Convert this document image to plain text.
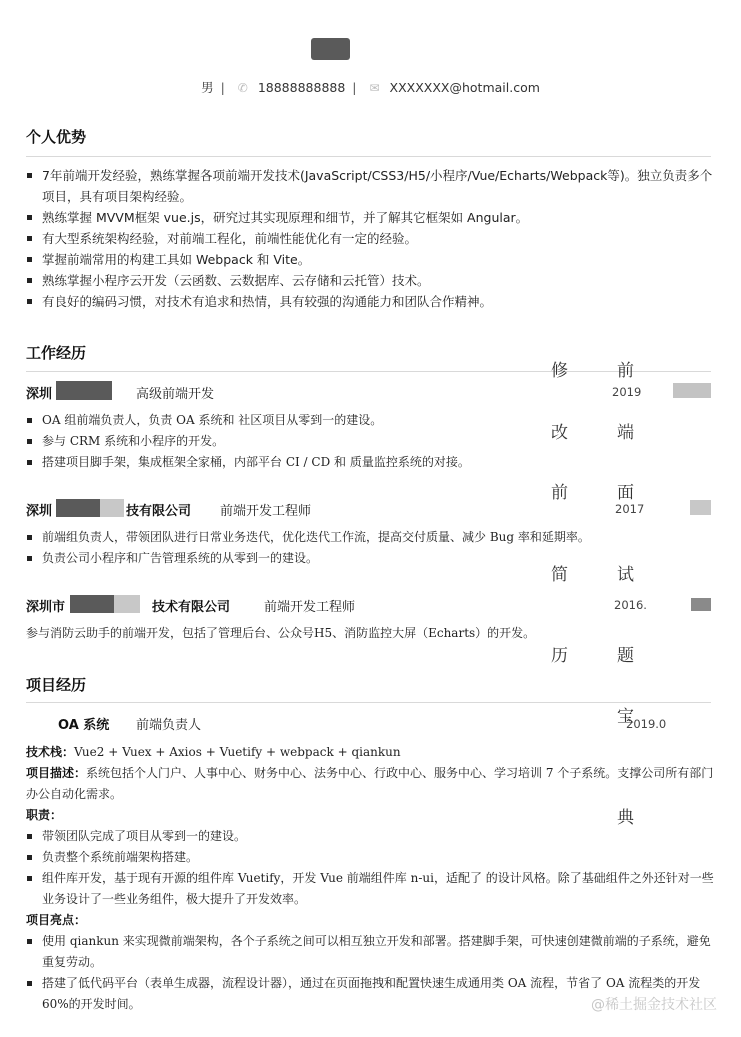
男 | ✆ 18888888888 | ✉ XXXXXXX@hotmail.com
个人优势
7年前端开发经验，熟练掌握各项前端开发技术(JavaScript/CSS3/H5/小程序/Vue/Echarts/Webpack等)。独立负责多个项目，具有项目架构经验。
熟练掌握 MVVM框架 vue.js，研究过其实现原理和细节，并了解其它框架如 Angular。
有大型系统架构经验，对前端工程化，前端性能优化有一定的经验。
掌握前端常用的构建工具如 Webpack 和 Vite。
熟练掌握小程序云开发（云函数、云数据库、云存储和云托管）技术。
有良好的编码习惯，对技术有追求和热情，具有较强的沟通能力和团队合作精神。
工作经历
深圳	高级前端开发	2019
OA 组前端负责人，负责 OA 系统和 社区项目从零到一的建设。
参与 CRM 系统和小程序的开发。
搭建项目脚手架，集成框架全家桶，内部平台 CI / CD 和 质量监控系统的对接。
深圳	技有限公司 前端开发工程师	2017
前端组负责人，带领团队进行日常业务迭代，优化迭代工作流，提高交付质量、减少 Bug 率和延期率。
负责公司小程序和广告管理系统的从零到一的建设。
深圳市	技术有限公司	前端开发工程师	2016.
参与消防云助手的前端开发，包括了管理后台、公众号H5、消防监控大屏（Echarts）的开发。
项目经历
OA 系统 前端负责人	2019.0
技术栈：Vue2 + Vuex + Axios + Vuetify + webpack + qiankun
项目描述：系统包括个人门户、人事中心、财务中心、法务中心、行政中心、服务中心、学习培训 7 个子系统。支撑公司所有部门办公自动化需求。
职责：
带领团队完成了项目从零到一的建设。
负责整个系统前端架构搭建。
组件库开发，基于现有开源的组件库 Vuetify，开发 Vue 前端组件库 n-ui，适配了 的设计风格。除了基础组件之外还针对一些业务设计了一些业务组件，极大提升了开发效率。
项目亮点：
使用 qiankun 来实现微前端架构，各个子系统之间可以相互独立开发和部署。搭建脚手架，可快速创建微前端的子系统，避免重复劳动。
搭建了低代码平台（表单生成器，流程设计器），通过在页面拖拽和配置快速生成通用类 OA 流程，节省了 OA 流程类的开发60%的开发时间。
修
改
前
简
历
前
端
面
试
题
宝
典
@稀土掘金技术社区
